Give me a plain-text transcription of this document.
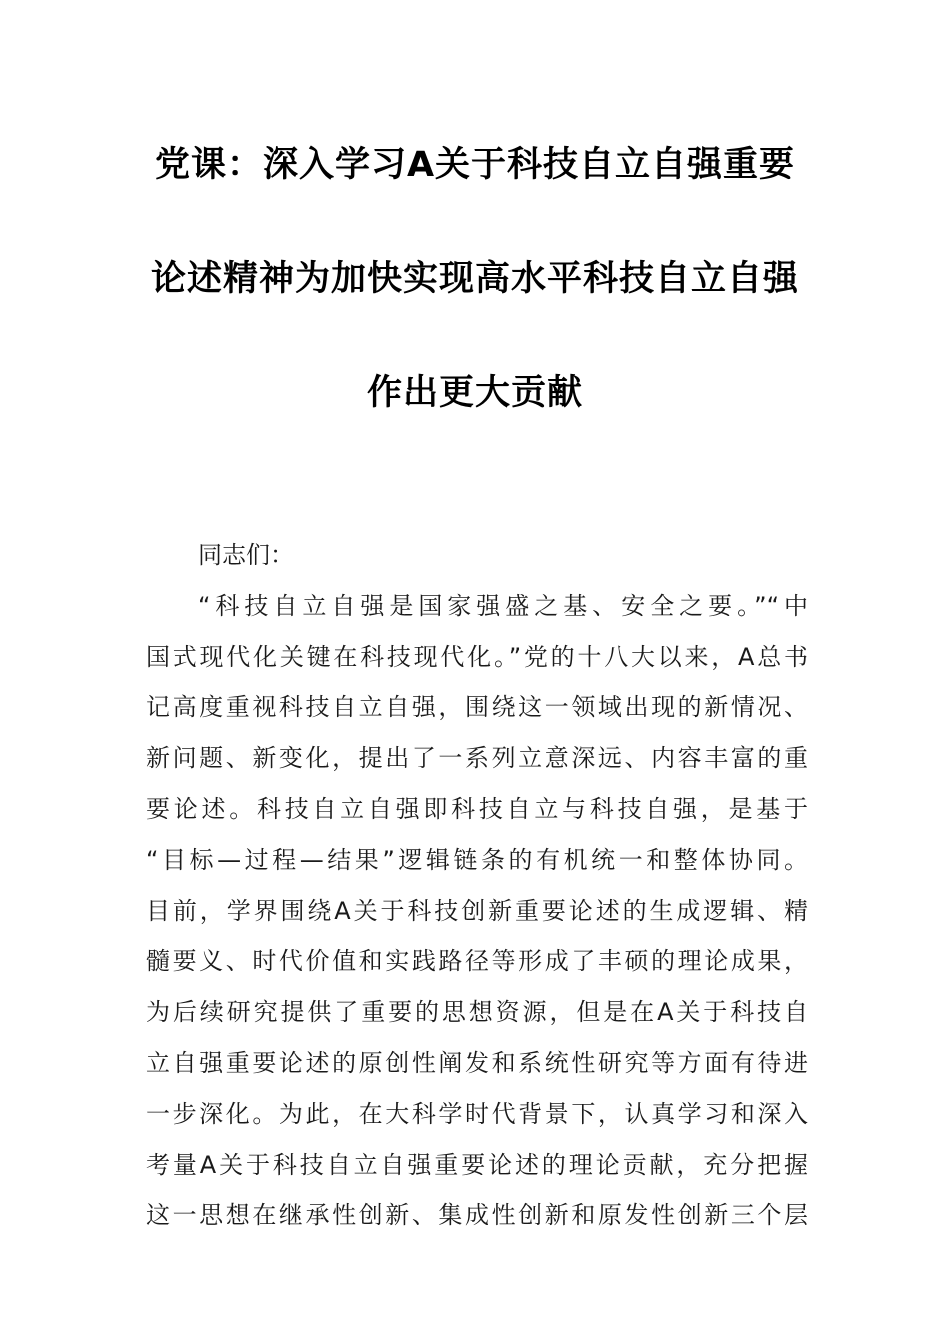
党课：深入学习A关于科技自立自强重要
论述精神为加快实现高水平科技自立自强
作出更大贡献
同志们：
“科技自立自强是国家强盛之基、安全之要。”“中
国式现代化关键在科技现代化。”党的十八大以来，A总书
记高度重视科技自立自强，围绕这一领域出现的新情况、
新问题、新变化，提出了一系列立意深远、内容丰富的重
要论述。科技自立自强即科技自立与科技自强，是基于
“目标—过程—结果”逻辑链条的有机统一和整体协同。
目前，学界围绕A关于科技创新重要论述的生成逻辑、精
髓要义、时代价值和实践路径等形成了丰硕的理论成果，
为后续研究提供了重要的思想资源，但是在A关于科技自
立自强重要论述的原创性阐发和系统性研究等方面有待进
一步深化。为此，在大科学时代背景下，认真学习和深入
考量A关于科技自立自强重要论述的理论贡献，充分把握
这一思想在继承性创新、集成性创新和原发性创新三个层
